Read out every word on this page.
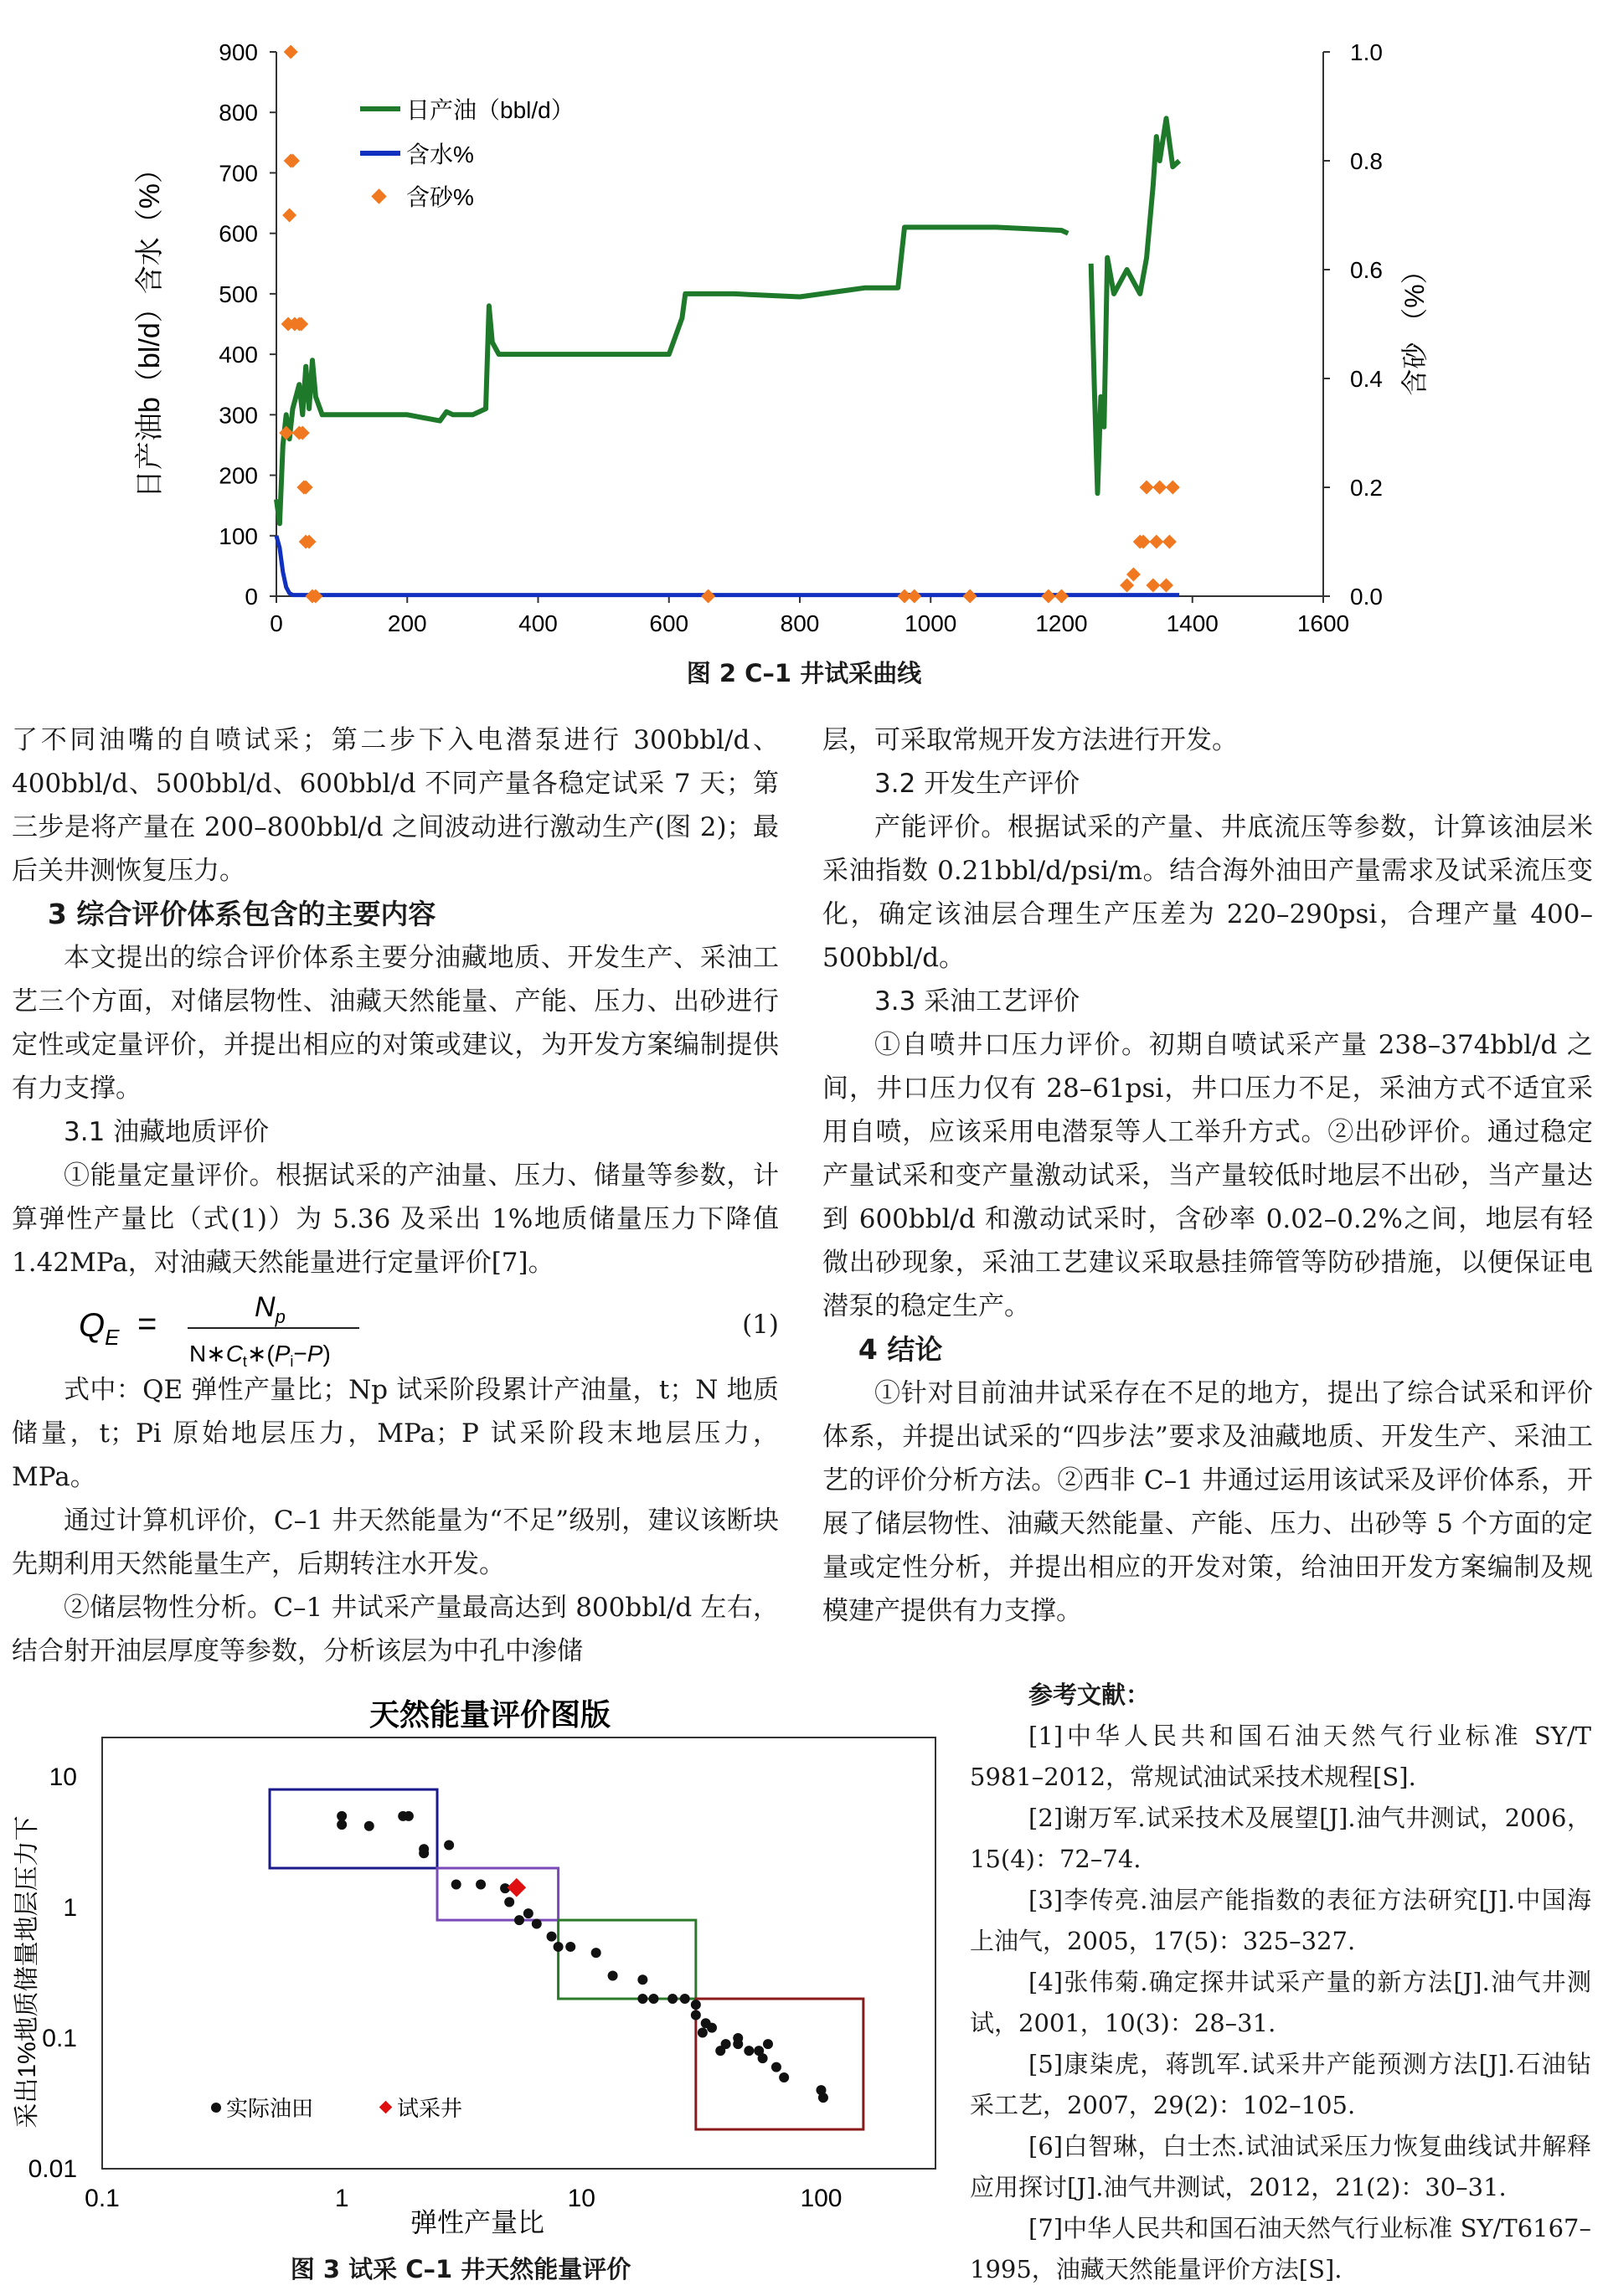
0
100
200
300
400
500
600
700
800
900
0.0
0.2
0.4
0.6
0.8
1.0
0	200	400	600	800	1000	1200	1400	1600
日产油b（bl/d）含水（%）	含砂 （%）
日产油（bbl/d）
含水%
含砂%
图 2 C–1 井试采曲线

了不同油嘴的自喷试采；第二步下入电潜泵进行 300bbl/d、400bbl/d、500bbl/d、600bbl/d 不同产量各稳定试采 7 天；第三步是将产量在 200–800bbl/d 之间波动进行激动生产(图 2)；最后关井测恢复压力。

3 综合评价体系包含的主要内容

本文提出的综合评价体系主要分油藏地质、开发生产、采油工艺三个方面，对储层物性、油藏天然能量、产能、压力、出砂进行定性或定量评价，并提出相应的对策或建议，为开发方案编制提供有力支撑。

3.1 油藏地质评价

①能量定量评价。根据试采的产油量、压力、储量等参数，计算弹性产量比（式(1)）为 5.36 及采出 1%地质储量压力下降值 1.42MPa，对油藏天然能量进行定量评价[7]。

$Q_E$ =	$N_p$
$N∗C_t∗(P_i-P)$
(1)

式中：QE 弹性产量比；Np 试采阶段累计产油量，t；N 地质储量，t；Pi 原始地层压力，MPa；P 试采阶段末地层压力，MPa。

通过计算机评价，C–1 井天然能量为“不足”级别，建议该断块先期利用天然能量生产，后期转注水开发。

②储层物性分析。C–1 井试采产量最高达到 800bbl/d 左右，结合射开油层厚度等参数，分析该层为中孔中渗储

层，可采取常规开发方法进行开发。

3.2 开发生产评价

产能评价。根据试采的产量、井底流压等参数，计算该油层米采油指数 0.21bbl/d/psi/m。结合海外油田产量需求及试采流压变化，确定该油层合理生产压差为 220–290psi，合理产量 400–500bbl/d。

3.3 采油工艺评价

①自喷井口压力评价。初期自喷试采产量 238–374bbl/d 之间，井口压力仅有 28–61psi，井口压力不足，采油方式不适宜采用自喷，应该采用电潜泵等人工举升方式。②出砂评价。通过稳定产量试采和变产量激动试采，当产量较低时地层不出砂，当产量达到 600bbl/d 和激动试采时，含砂率 0.02–0.2%之间，地层有轻微出砂现象，采油工艺建议采取悬挂筛管等防砂措施，以便保证电潜泵的稳定生产。

4 结论

①针对目前油井试采存在不足的地方，提出了综合试采和评价体系，并提出试采的“四步法”要求及油藏地质、开发生产、采油工艺的评价分析方法。②西非 C–1 井通过运用该试采及评价体系，开展了储层物性、油藏天然能量、产能、压力、出砂等 5 个方面的定量或定性分析，并提出相应的开发对策，给油田开发方案编制及规模建产提供有力支撑。

天然能量评价图版
0.1	1	10	100
10
1
0.1
0.01
采出1%地质储量地层压力下
弹性产量比
实际油田	试采井
图 3 试采 C–1 井天然能量评价

参考文献：

[1]中华人民共和国石油天然气行业标准 SY/T 5981–2012，常规试油试采技术规程[S].

[2]谢万军.试采技术及展望[J].油气井测试，2006，15(4)：72–74.

[3]李传亮.油层产能指数的表征方法研究[J].中国海上油气，2005，17(5)：325–327.

[4]张伟菊.确定探井试采产量的新方法[J].油气井测试，2001，10(3)：28–31.

[5]康柒虎，蒋凯军.试采井产能预测方法[J].石油钻采工艺，2007，29(2)：102–105.

[6]白智琳，白士杰.试油试采压力恢复曲线试井解释应用探讨[J].油气井测试，2012，21(2)：30–31.

[7]中华人民共和国石油天然气行业标准 SY/T6167–1995，油藏天然能量评价方法[S].
